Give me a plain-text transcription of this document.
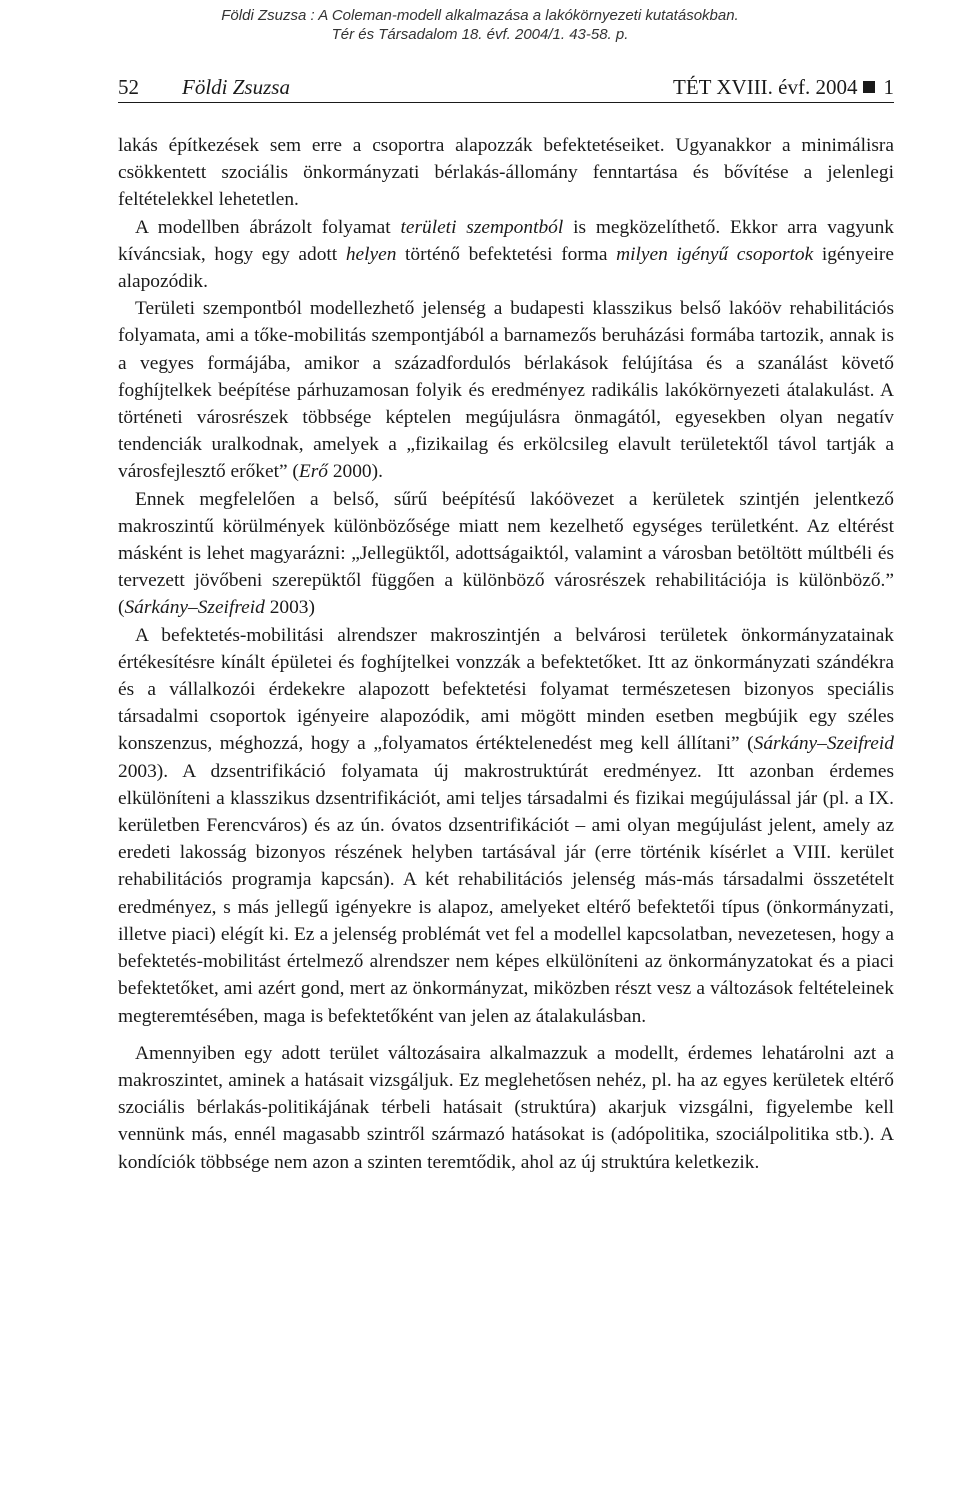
Földi Zsuzsa : A Coleman-modell alkalmazása a lakókörnyezeti kutatásokban.
Tér és Társadalom 18. évf. 2004/1. 43-58. p.
52 Földi Zsuzsa	TÉT XVIII. évf. 2004	1

lakás építkezések sem erre a csoportra alapozzák befektetéseiket. Ugyanakkor a minimálisra csökkentett szociális önkormányzati bérlakás-állomány fenntartása és bővítése a jelenlegi feltételekkel lehetetlen.

A modellben ábrázolt folyamat területi szempontból is megközelíthető. Ekkor arra vagyunk kíváncsiak, hogy egy adott helyen történő befektetési forma milyen igényű csoportok igényeire alapozódik.

Területi szempontból modellezhető jelenség a budapesti klasszikus belső lakóöv rehabilitációs folyamata, ami a tőke-mobilitás szempontjából a barnamezős beruházási formába tartozik, annak is a vegyes formájába, amikor a századfordulós bérlakások felújítása és a szanálást követő foghíjtelkek beépítése párhuzamosan folyik és eredményez radikális lakókörnyezeti átalakulást. A történeti városrészek többsége képtelen megújulásra önmagától, egyesekben olyan negatív tendenciák uralkodnak, amelyek a „fizikailag és erkölcsileg elavult területektől távol tartják a városfejlesztő erőket” (Erő 2000).

Ennek megfelelően a belső, sűrű beépítésű lakóövezet a kerületek szintjén jelentkező makroszintű körülmények különbözősége miatt nem kezelhető egységes területként. Az eltérést másként is lehet magyarázni: „Jellegüktől, adottságaiktól, valamint a városban betöltött múltbéli és tervezett jövőbeni szerepüktől függően a különböző városrészek rehabilitációja is különböző.” (Sárkány–Szeifreid 2003)

A befektetés-mobilitási alrendszer makroszintjén a belvárosi területek önkormányzatainak értékesítésre kínált épületei és foghíjtelkei vonzzák a befektetőket. Itt az önkormányzati szándékra és a vállalkozói érdekekre alapozott befektetési folyamat természetesen bizonyos speciális társadalmi csoportok igényeire alapozódik, ami mögött minden esetben megbújik egy széles konszenzus, méghozzá, hogy a „folyamatos értéktelenedést meg kell állítani” (Sárkány–Szeifreid 2003). A dzsentrifikáció folyamata új makrostruktúrát eredményez. Itt azonban érdemes elkülöníteni a klasszikus dzsentrifikációt, ami teljes társadalmi és fizikai megújulással jár (pl. a IX. kerületben Ferencváros) és az ún. óvatos dzsentrifikációt – ami olyan megújulást jelent, amely az eredeti lakosság bizonyos részének helyben tartásával jár (erre történik kísérlet a VIII. kerület rehabilitációs programja kapcsán). A két rehabilitációs jelenség más-más társadalmi összetételt eredményez, s más jellegű igényekre is alapoz, amelyeket eltérő befektetői típus (önkormányzati, illetve piaci) elégít ki. Ez a jelenség problémát vet fel a modellel kapcsolatban, nevezetesen, hogy a befektetés-mobilitást értelmező alrendszer nem képes elkülöníteni az önkormányzatokat és a piaci befektetőket, ami azért gond, mert az önkormányzat, miközben részt vesz a változások feltételeinek megteremtésében, maga is befektetőként van jelen az átalakulásban.

Amennyiben egy adott terület változásaira alkalmazzuk a modellt, érdemes lehatárolni azt a makroszintet, aminek a hatásait vizsgáljuk. Ez meglehetősen nehéz, pl. ha az egyes kerületek eltérő szociális bérlakás-politikájának térbeli hatásait (struktúra) akarjuk vizsgálni, figyelembe kell vennünk más, ennél magasabb szintről származó hatásokat is (adópolitika, szociálpolitika stb.). A kondíciók többsége nem azon a szinten teremtődik, ahol az új struktúra keletkezik.
